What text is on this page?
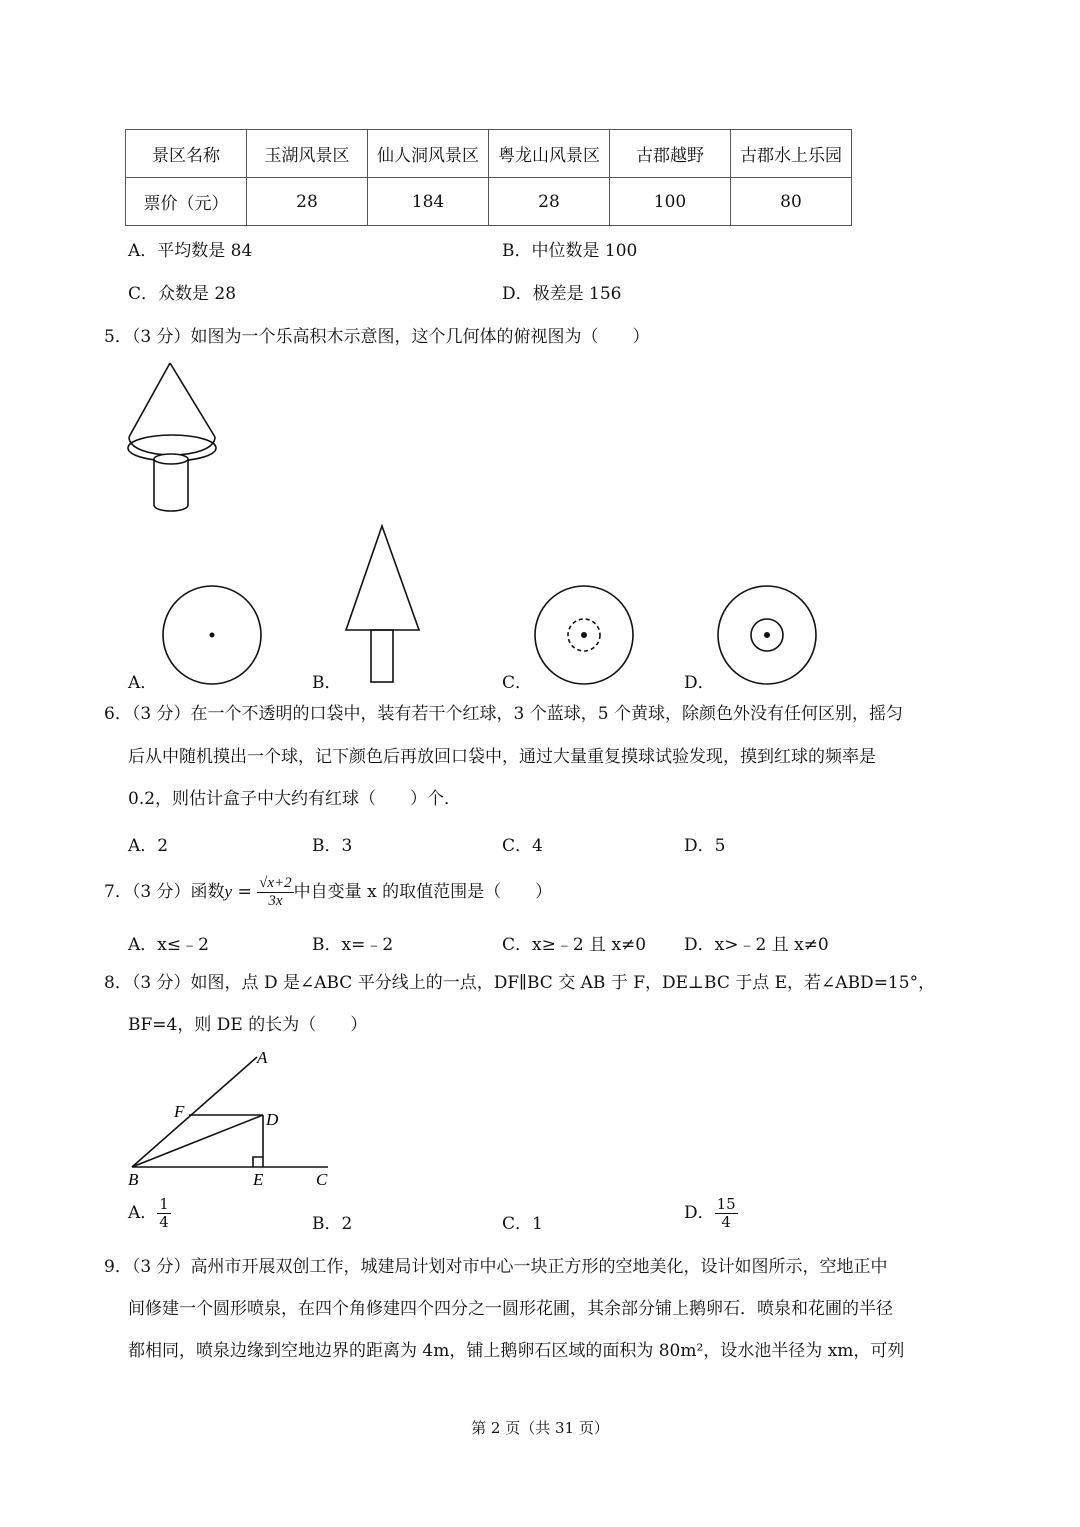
景区名称	玉湖风景区	仙人洞风景区	粤龙山风景区	古郡越野	古郡水上乐园
票价（元）	28	184	28	100	80
A．平均数是 84	B．中位数是 100
C．众数是 28	D．极差是 156
5．（3 分）如图为一个乐高积木示意图，这个几何体的俯视图为（　　）
A．	B．	C．	D．
6．（3 分）在一个不透明的口袋中，装有若干个红球，3 个蓝球，5 个黄球，除颜色外没有任何区别，摇匀
后从中随机摸出一个球，记下颜色后再放回口袋中，通过大量重复摸球试验发现，摸到红球的频率是
0.2，则估计盒子中大约有红球（　　）个．
A．2	B．3	C．4	D．5
7．（3 分）函数$y = \frac{√x+2}{3x}$ 中自变量 x 的取值范围是（　　）
A．x≤﹣2	B．x=﹣2	C．x≥﹣2 且 x≠0 D．x>﹣2 且 x≠0
8．（3 分）如图，点 D 是∠ABC 平分线上的一点，DF∥BC 交 AB 于 F，DE⊥BC 于点 E，若∠ABD=15°，
BF=4，则 DE 的长为（　　）
A
F	D
B	E	C
A． $\frac{1}{4}$	B．2	C．1
D． $\frac{15}{4}$
9．（3 分）高州市开展双创工作，城建局计划对市中心一块正方形的空地美化，设计如图所示，空地正中
间修建一个圆形喷泉，在四个角修建四个四分之一圆形花圃，其余部分铺上鹅卵石．喷泉和花圃的半径
都相同，喷泉边缘到空地边界的距离为 4m，铺上鹅卵石区域的面积为 80m²，设水池半径为 xm，可列
第 2 页（共 31 页）
